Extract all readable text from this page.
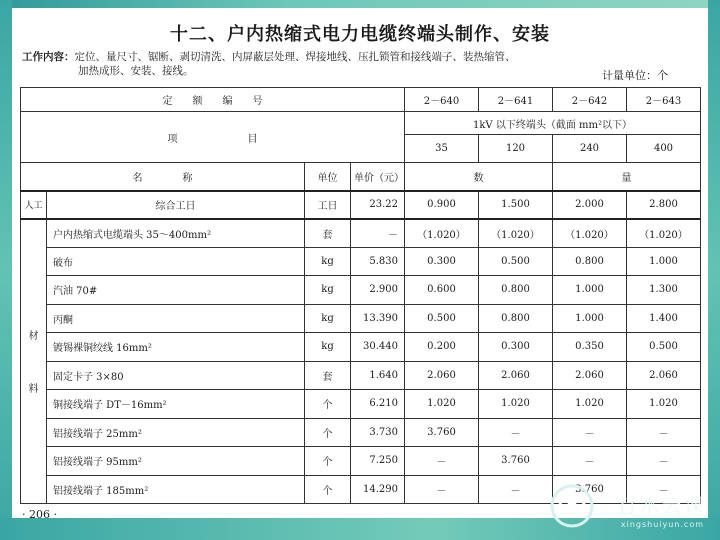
十二、户内热缩式电力电缆终端头制作、安装
工作内容：定位、量尺寸、锯断、剥切清洗、内屏蔽层处理、焊接地线、压扎锁管和接线端子、装热缩管、
加热成形、安装、接线。	计量单位：个
定　　额　　编　　号				2－640	2－641	2－642	2－643
项　　　　　　　目				1kV 以下终端头（截面 mm²以下）			
				35	120	240	400
名　　　　称		单位	单价（元）	数		量	
人工	综合工日	工日	23.22	0.900	1.500	2.000	2.800

材
料	户内热缩式电缆端头 35～400mm²	套	－	（1.020）	（1.020）	（1.020）	（1.020）
	破布	kg	5.830	0.300	0.500	0.800	1.000
	汽油 70#	kg	2.900	0.600	0.800	1.000	1.300
	丙酮	kg	13.390	0.500	0.800	1.000	1.400
	镀锡裸铜绞线 16mm²	kg	30.440	0.200	0.300	0.350	0.500
	固定卡子 3×80	套	1.640	2.060	2.060	2.060	2.060
	铜接线端子 DT－16mm²	个	6.210	1.020	1.020	1.020	1.020
	铝接线端子 25mm²	个	3.730	3.760	－	－	－
	铝接线端子 95mm²	个	7.250	－	3.760	－	－
	铝接线端子 185mm²	个	14.290	－	－	3.760	－
· 206 ·	行水云课
xingshuiyun.com
